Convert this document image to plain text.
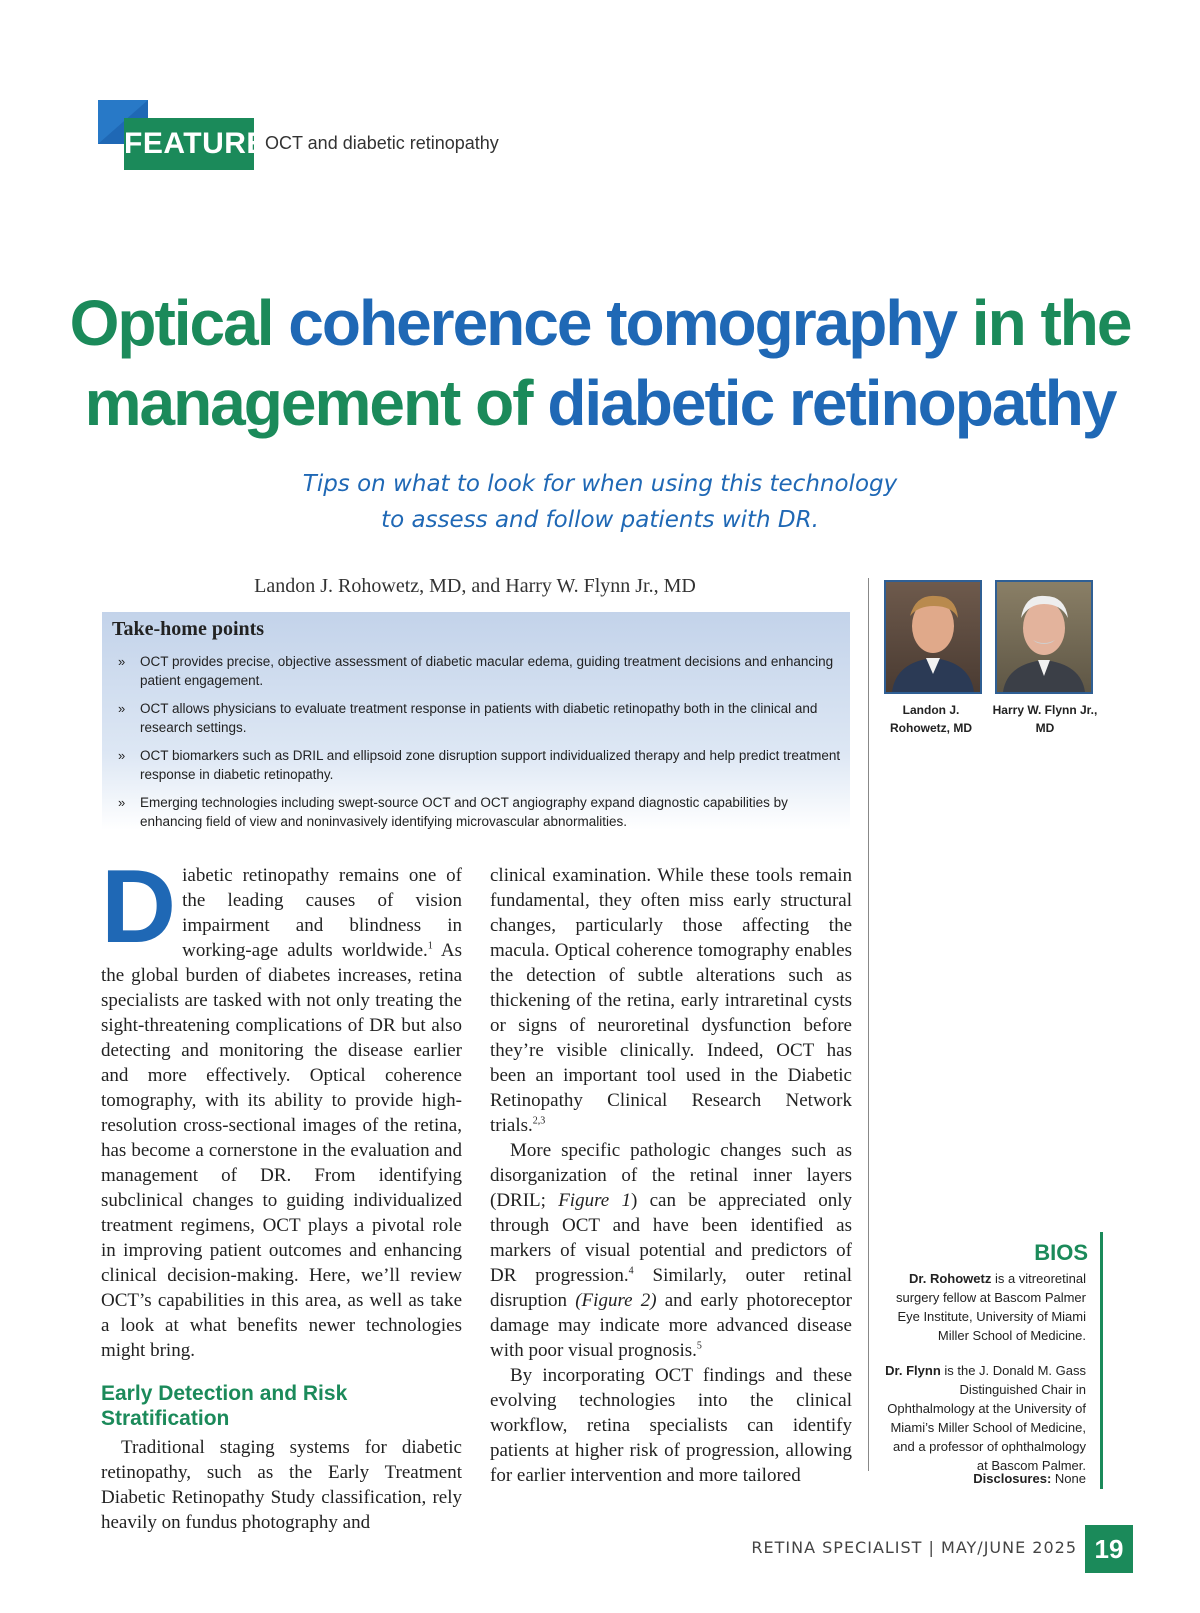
FEATURE
OCT and diabetic retinopathy
Optical coherence tomography in the
management of diabetic retinopathy
Tips on what to look for when using this technology
to assess and follow patients with DR.
Landon J. Rohowetz, MD, and Harry W. Flynn Jr., MD
Take-home points
» OCT provides precise, objective assessment of diabetic macular edema, guiding treatment decisions and enhancing patient engagement.
» OCT allows physicians to evaluate treatment response in patients with diabetic retinopathy both in the clinical and research settings.
» OCT biomarkers such as DRIL and ellipsoid zone disruption support individualized therapy and help predict treatment response in diabetic retinopathy.
» Emerging technologies including swept-source OCT and OCT angiography expand diagnostic capabilities by enhancing field of view and noninvasively identifying microvascular abnormalities.
Landon J.
Rohowetz, MD
Harry W. Flynn Jr., MD

Diabetic retinopathy remains one of the leading causes of vision impairment and blindness in working-age adults worldwide.$^1$ As the global burden of diabetes increases, retina specialists are tasked with not only treating the sight-threatening complications of DR but also detecting and monitoring the disease earlier and more effectively. Optical coherence tomography, with its ability to provide high-resolution cross-sectional images of the retina, has become a cornerstone in the evaluation and management of DR. From identifying subclinical changes to guiding individualized treatment regimens, OCT plays a pivotal role in improving patient outcomes and enhancing clinical decision-making. Here, we’ll review OCT’s capabilities in this area, as well as take a look at what benefits newer technologies might bring.

Early Detection and Risk Stratification

Traditional staging systems for diabetic retinopathy, such as the Early Treatment Diabetic Retinopathy Study classification, rely heavily on fundus photography and

clinical examination. While these tools remain fundamental, they often miss early structural changes, particularly those affecting the macula. Optical coherence tomography enables the detection of subtle alterations such as thickening of the retina, early intraretinal cysts or signs of neuroretinal dysfunction before they’re visible clinically. Indeed, OCT has been an important tool used in the Diabetic Retinopathy Clinical Research Network trials.$^{2,3}$

More specific pathologic changes such as disorganization of the retinal inner layers (DRIL; Figure 1) can be appreciated only through OCT and have been identified as markers of visual potential and predictors of DR progression.$^4$ Similarly, outer retinal disruption (Figure 2) and early photoreceptor damage may indicate more advanced disease with poor visual prognosis.$^5$

By incorporating OCT findings and these evolving technologies into the clinical workflow, retina specialists can identify patients at higher risk of progression, allowing for earlier intervention and more tailored

BIOS
Dr. Rohowetz is a vitreoretinal surgery fellow at Bascom Palmer Eye Institute, University of Miami Miller School of Medicine.
Dr. Flynn is the J. Donald M. Gass Distinguished Chair in Ophthalmology at the University of Miami’s Miller School of Medicine, and a professor of ophthalmology at Bascom Palmer.
Disclosures: None
RETINA SPECIALIST | MAY/JUNE 2025 19
